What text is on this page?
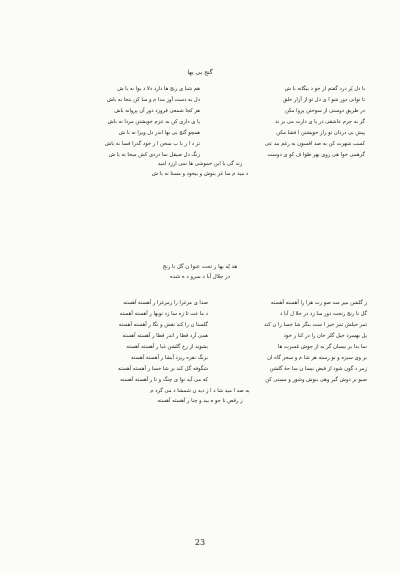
گنج بی بها
با دل پُر درد گفتم از خو د بیگانه با ش
تا توانی دور شو ا ی دل تو از آزار خلق
در طریق دوستی از سوختن پروا مکن
گر به جرم عاشقی در پا ی دارت می بر ند
پیش بی دردان تو راز خویشتن ا فشا مکن
کسب شهرت کن به صد افسون به رغم مد عی
گرهمی خوا هی روی بهر طوا ف کو ی دوست
هم شبا ی رنج ها دارد دلا د یوا نه با ش
دل به دست آور مدا م و سا کن بتخا نه باش
هر کجا شمعی فروزد دور آن پروانه باش
پا ی داری کن به عزم خویشتن مردا نه باش
همچو گنج بی بها اندر دل ویرا نه با ش
تز د ا ر با ب سخن ا ز خود گذرا فسا نه باش
زنگ دل صیقل نما دردی کش میخا نه با ش
زند گی با این خموشی ها نمی ارزد امید
د مید م سا غر بنوش و بیخود و مستا نه با ش
هد یّه بها ر تحت عنوا ن گل نا رنج
در جلال آبا د سرو د ه شده
ز گلشن میر سد صو رت هزا را آهسته آهسته
گل نا رنج رنجت دور سا زد در جلا ل آبا د
ثمر خیلش ثمر خیز ا ست بنگر شا خسا را ن کند
پل بهسرد خیل گلر خان را در کنا ر خود
نما یدا بر نیسان گر یه از جوش مُسرت ها
بر وی سبزه و نو رسته هر شا م و سحر گاه ان
زمر د گون شود از فیض نیسا ن سا حهٔ گلشن
صبو بر دوش گیر وهی بنوش وشور و مستی کن
صدا ی مرغزا را زمرغزا ر آهسته آهسته
د ما غت تا زه سا زد نوبها ر آهسته آهسته
گلستا ن را کند نقش و نگا ر آهسته آهسته
همی آرد قطا ر اندر قطا ر آهسته آهسته
بشوید از رخ گلشن غبا ر آهسته آهسته
برنگ نقره ریزد آبشا ر آهسته آهسته
شگوفه گل کند بر شا خسا ر آهسته آهسته
که می آید نوا ی چنگ و تا ر آهسته آهسته
به صد ا مید شا د ا ز دید ن شمشا د می گرد م
ز رقص نا جو ه بید و چنا ر آهسته آهسته
23
